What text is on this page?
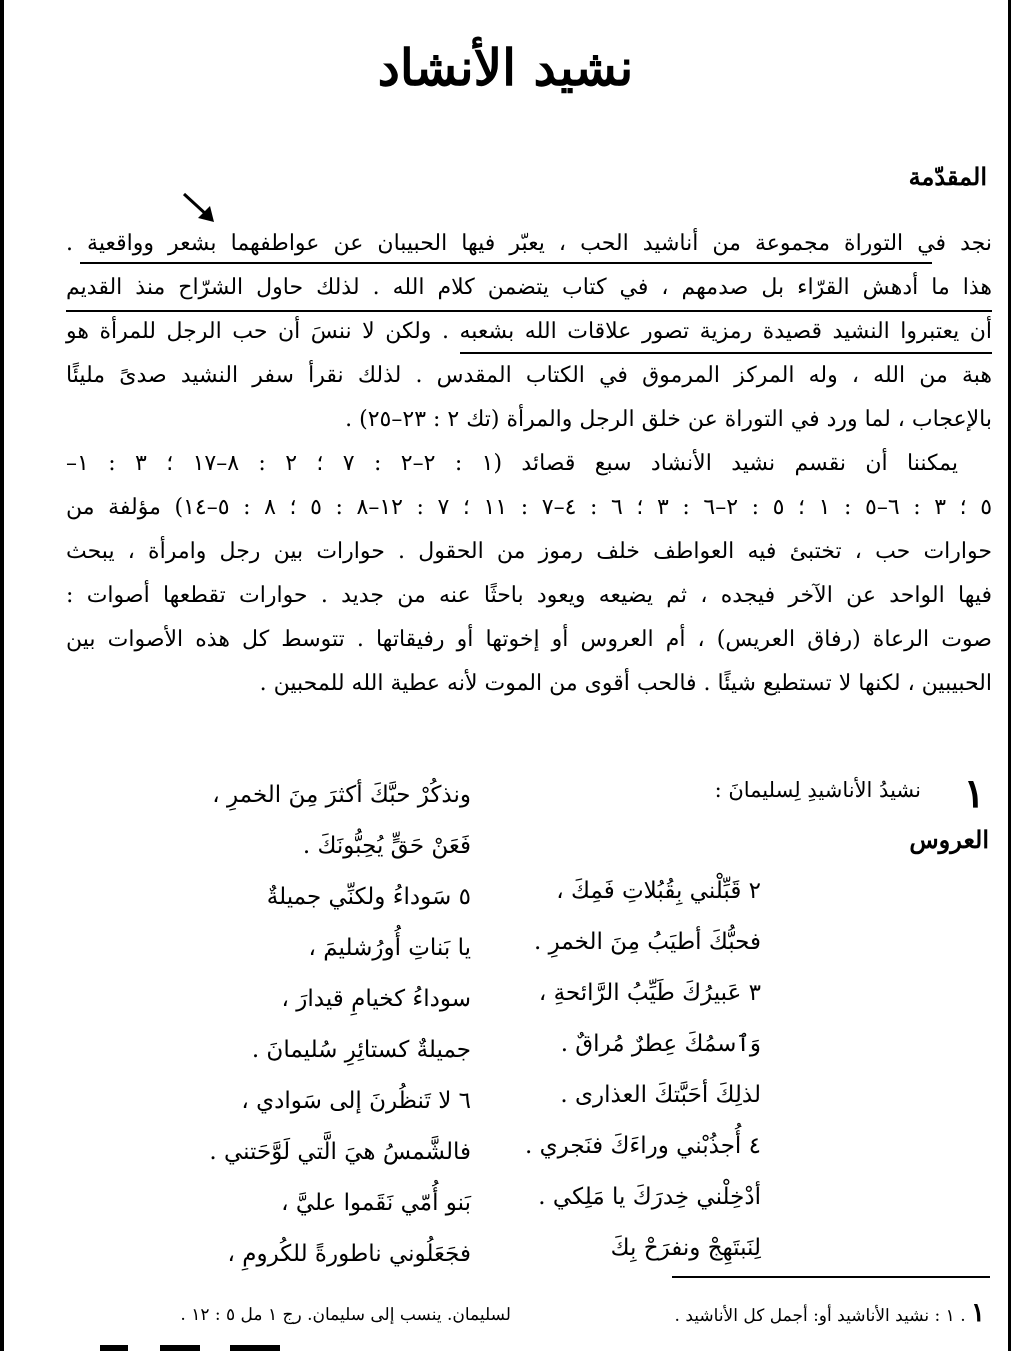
نشيد الأنشاد
المقدّمة
نجد في التوراة مجموعة من أناشيد الحب ، يعبّر فيها الحبيبان عن عواطفهما بشعر وواقعية .
هذا ما أدهش القرّاء بل صدمهم ، في كتاب يتضمن كلام الله . لذلك حاول الشرّاح منذ القديم
أن يعتبروا النشيد قصيدة رمزية تصور علاقات الله بشعبه . ولكن لا ننسَ أن حب الرجل للمرأة هو
هبة من الله ، وله المركز المرموق في الكتاب المقدس . لذلك نقرأ سفر النشيد صدىً مليئًا
بالإعجاب ، لما ورد في التوراة عن خلق الرجل والمرأة (تك ٢ : ٢٣–٢٥) .
يمكننا أن نقسم نشيد الأنشاد سبع قصائد (١ : ٢–٢ : ٧ ؛ ٢ : ٨–١٧ ؛ ٣ : ١–
٥ ؛ ٣ : ٦–٥ : ١ ؛ ٥ : ٢–٦ : ٣ ؛ ٦ : ٤–٧ : ١١ ؛ ٧ : ١٢–٨ : ٥ ؛ ٨ : ٥–١٤) مؤلفة من
حوارات حب ، تختبئ فيه العواطف خلف رموز من الحقول . حوارات بين رجل وامرأة ، يبحث
فيها الواحد عن الآخر فيجده ، ثم يضيعه ويعود باحثًا عنه من جديد . حوارات تقطعها أصوات :
صوت الرعاة (رفاق العريس) ، أم العروس أو إخوتها أو رفيقاتها . تتوسط كل هذه الأصوات بين
الحبيبين ، لكنها لا تستطيع شيئًا . فالحب أقوى من الموت لأنه عطية الله للمحبين .
١
نشيدُ الأناشيدِ لِسليمانَ :
العروس
٢ قَبِّلْني بِقُبُلاتِ فَمِكَ ،
فحبُّكَ أطيَبُ مِنَ الخمرِ .
٣ عَبيرُكَ طَيِّبُ الرَّائحةِ ،
وَٱسمُكَ عِطرٌ مُراقٌ .
لذلِكَ أحَبَّتكَ العذارى .
٤ أُجذُبْني وراءَكَ فنَجري .
أدْخِلْني خِدرَكَ يا مَلِكي .
لِنَبتَهِجْ ونفرَحْ بِكَ
ونذكُرْ حبَّكَ أكثرَ مِنَ الخمرِ ،
فَعَنْ حَقٍّ يُحِبُّونَكَ .
٥ سَوداءُ ولكنِّي جميلةٌ
يا بَناتِ أُورُشليمَ ،
سوداءُ كخيامِ قيدارَ ،
جميلةٌ كستائِرِ سُليمانَ .
٦ لا تَنظُرنَ إلى سَوادي ،
فالشَّمسُ هيَ الَّتي لَوَّحَتني .
بَنو أُمّي نَقَموا عليَّ ،
فجَعَلُوني ناطورةً للكُرومِ ،
١ . ١ : نشيد الأناشيد أو: أجمل كل الأناشيد .
لسليمان. ينسب إلى سليمان. رج ١ مل ٥ : ١٢ .
